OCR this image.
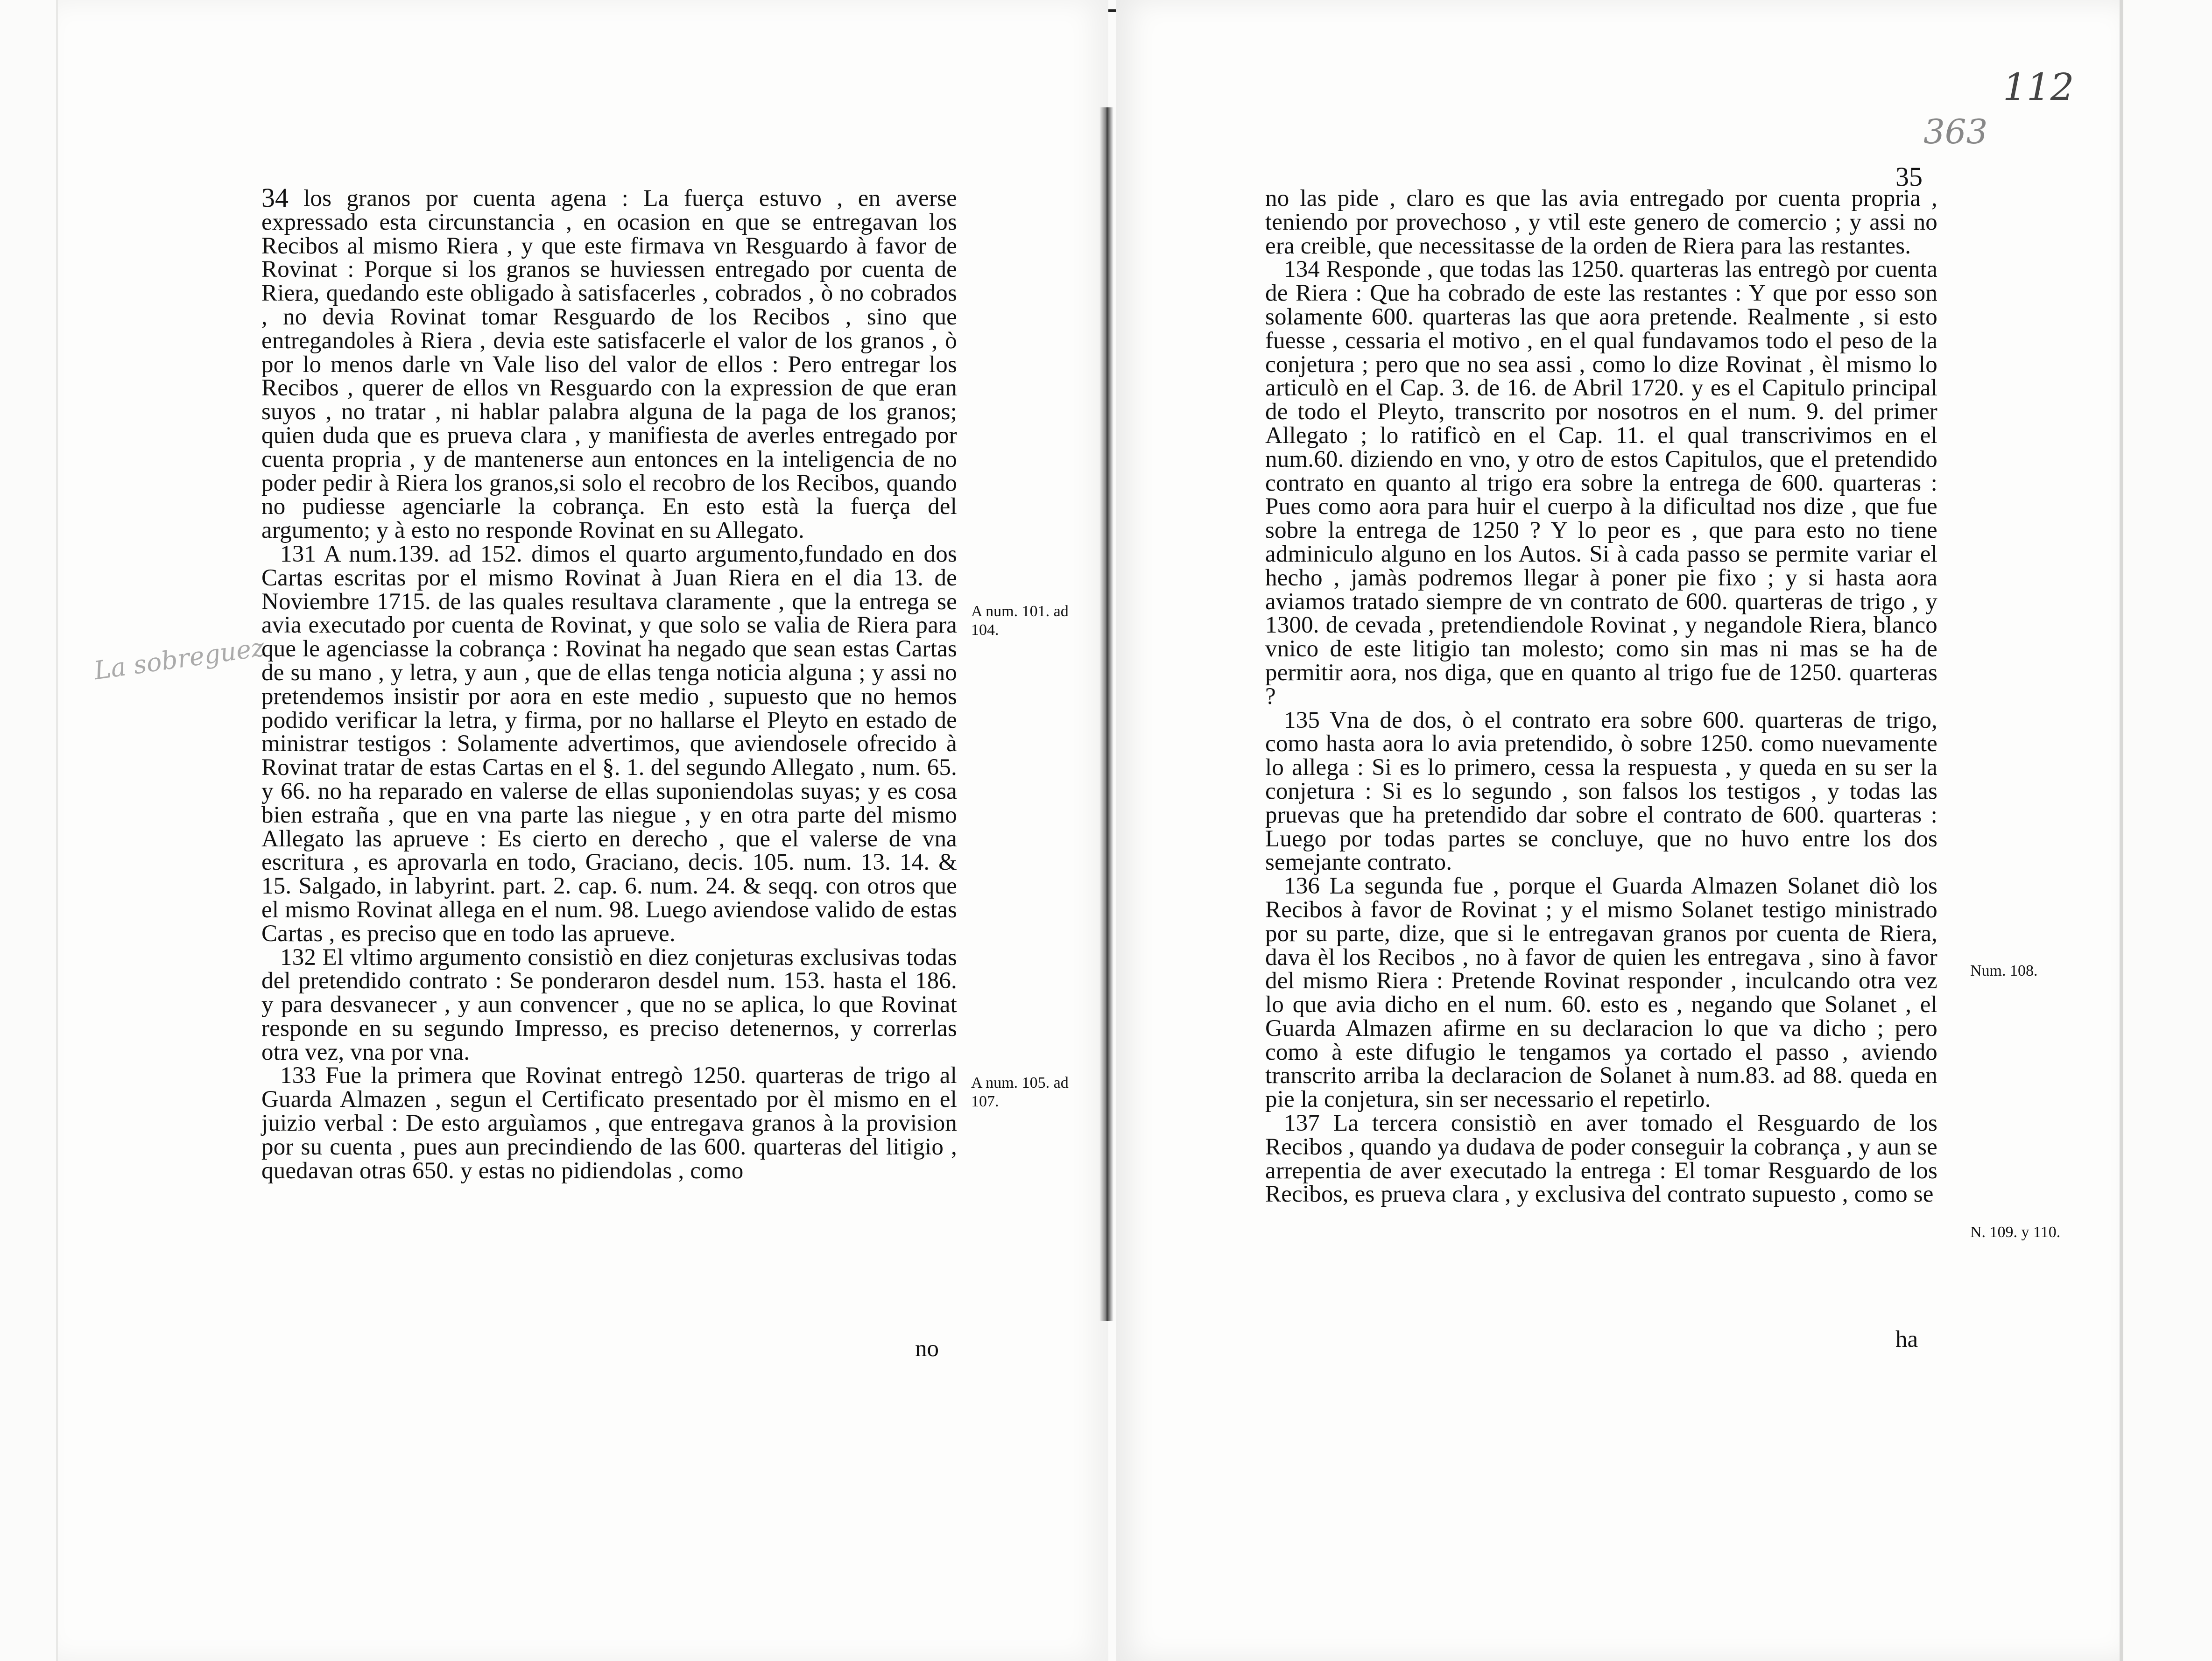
112
363
La sobreguez
34 los granos por cuenta agena : La fuerça estuvo , en averse expressado esta circunstancia , en ocasion en que se entregavan los Recibos al mismo Riera , y que este firmava vn Resguardo à favor de Rovinat : Porque si los granos se huviessen entregado por cuenta de Riera, quedando este obligado à satisfacerles , cobrados , ò no cobrados , no devia Rovinat tomar Resguardo de los Recibos , sino que entregandoles à Riera , devia este satisfacerle el valor de los granos , ò por lo menos darle vn Vale liso del valor de ellos : Pero entregar los Recibos , querer de ellos vn Resguardo con la expression de que eran suyos , no tratar , ni hablar palabra alguna de la paga de los granos; quien duda que es prueva clara , y manifiesta de averles entregado por cuenta propria , y de mantenerse aun entonces en la inteligencia de no poder pedir à Riera los granos,si solo el recobro de los Recibos, quando no pudiesse agenciarle la cobrança. En esto està la fuerça del argumento; y à esto no responde Rovinat en su Allegato.

131 A num.139. ad 152. dimos el quarto argumento,fundado en dos Cartas escritas por el mismo Rovinat à Juan Riera en el dia 13. de Noviembre 1715. de las quales resultava claramente , que la entrega se avia executado por cuenta de Rovinat, y que solo se valia de Riera para que le agenciasse la cobrança : Rovinat ha negado que sean estas Cartas de su mano , y letra, y aun , que de ellas tenga noticia alguna ; y assi no pretendemos insistir por aora en este medio , supuesto que no hemos podido verificar la letra, y firma, por no hallarse el Pleyto en estado de ministrar testigos : Solamente advertimos, que aviendosele ofrecido à Rovinat tratar de estas Cartas en el §. 1. del segundo Allegato , num. 65. y 66. no ha reparado en valerse de ellas suponiendolas suyas; y es cosa bien estraña , que en vna parte las niegue , y en otra parte del mismo Allegato las aprueve : Es cierto en derecho , que el valerse de vna escritura , es aprovarla en todo, Graciano, decis. 105. num. 13. 14. & 15. Salgado, in labyrint. part. 2. cap. 6. num. 24. & seqq. con otros que el mismo Rovinat allega en el num. 98. Luego aviendose valido de estas Cartas , es preciso que en todo las aprueve.

132 El vltimo argumento consistiò en diez conjeturas exclusivas todas del pretendido contrato : Se ponderaron desdel num. 153. hasta el 186. y para desvanecer , y aun convencer , que no se aplica, lo que Rovinat responde en su segundo Impresso, es preciso detenernos, y correrlas otra vez, vna por vna.

133 Fue la primera que Rovinat entregò 1250. quarteras de trigo al Guarda Almazen , segun el Certificato presentado por èl mismo en el juizio verbal : De esto arguìamos , que entregava granos à la provision por su cuenta , pues aun precindiendo de las 600. quarteras del litigio , quedavan otras 650. y estas no pidiendolas , como

no
A num. 101. ad 104.
A num. 105. ad 107.
35

no las pide , claro es que las avia entregado por cuenta propria , teniendo por provechoso , y vtil este genero de comercio ; y assi no era creible, que necessitasse de la orden de Riera para las restantes.

134 Responde , que todas las 1250. quarteras las entregò por cuenta de Riera : Que ha cobrado de este las restantes : Y que por esso son solamente 600. quarteras las que aora pretende. Realmente , si esto fuesse , cessaria el motivo , en el qual fundavamos todo el peso de la conjetura ; pero que no sea assi , como lo dize Rovinat , èl mismo lo articulò en el Cap. 3. de 16. de Abril 1720. y es el Capitulo principal de todo el Pleyto, transcrito por nosotros en el num. 9. del primer Allegato ; lo ratificò en el Cap. 11. el qual transcrivimos en el num.60. diziendo en vno, y otro de estos Capitulos, que el pretendido contrato en quanto al trigo era sobre la entrega de 600. quarteras : Pues como aora para huir el cuerpo à la dificultad nos dize , que fue sobre la entrega de 1250 ? Y lo peor es , que para esto no tiene adminiculo alguno en los Autos. Si à cada passo se permite variar el hecho , jamàs podremos llegar à poner pie fixo ; y si hasta aora aviamos tratado siempre de vn contrato de 600. quarteras de trigo , y 1300. de cevada , pretendiendole Rovinat , y negandole Riera, blanco vnico de este litigio tan molesto; como sin mas ni mas se ha de permitir aora, nos diga, que en quanto al trigo fue de 1250. quarteras ?

135 Vna de dos, ò el contrato era sobre 600. quarteras de trigo, como hasta aora lo avia pretendido, ò sobre 1250. como nuevamente lo allega : Si es lo primero, cessa la respuesta , y queda en su ser la conjetura : Si es lo segundo , son falsos los testigos , y todas las pruevas que ha pretendido dar sobre el contrato de 600. quarteras : Luego por todas partes se concluye, que no huvo entre los dos semejante contrato.

136 La segunda fue , porque el Guarda Almazen Solanet diò los Recibos à favor de Rovinat ; y el mismo Solanet testigo ministrado por su parte, dize, que si le entregavan granos por cuenta de Riera, dava èl los Recibos , no à favor de quien les entregava , sino à favor del mismo Riera : Pretende Rovinat responder , inculcando otra vez lo que avia dicho en el num. 60. esto es , negando que Solanet , el Guarda Almazen afirme en su declaracion lo que va dicho ; pero como à este difugio le tengamos ya cortado el passo , aviendo transcrito arriba la declaracion de Solanet à num.83. ad 88. queda en pie la conjetura, sin ser necessario el repetirlo.

137 La tercera consistiò en aver tomado el Resguardo de los Recibos , quando ya dudava de poder conseguir la cobrança , y aun se arrepentia de aver executado la entrega : El tomar Resguardo de los Recibos, es prueva clara , y exclusiva del contrato supuesto , como se

ha
Num. 108.
N. 109. y 110.
